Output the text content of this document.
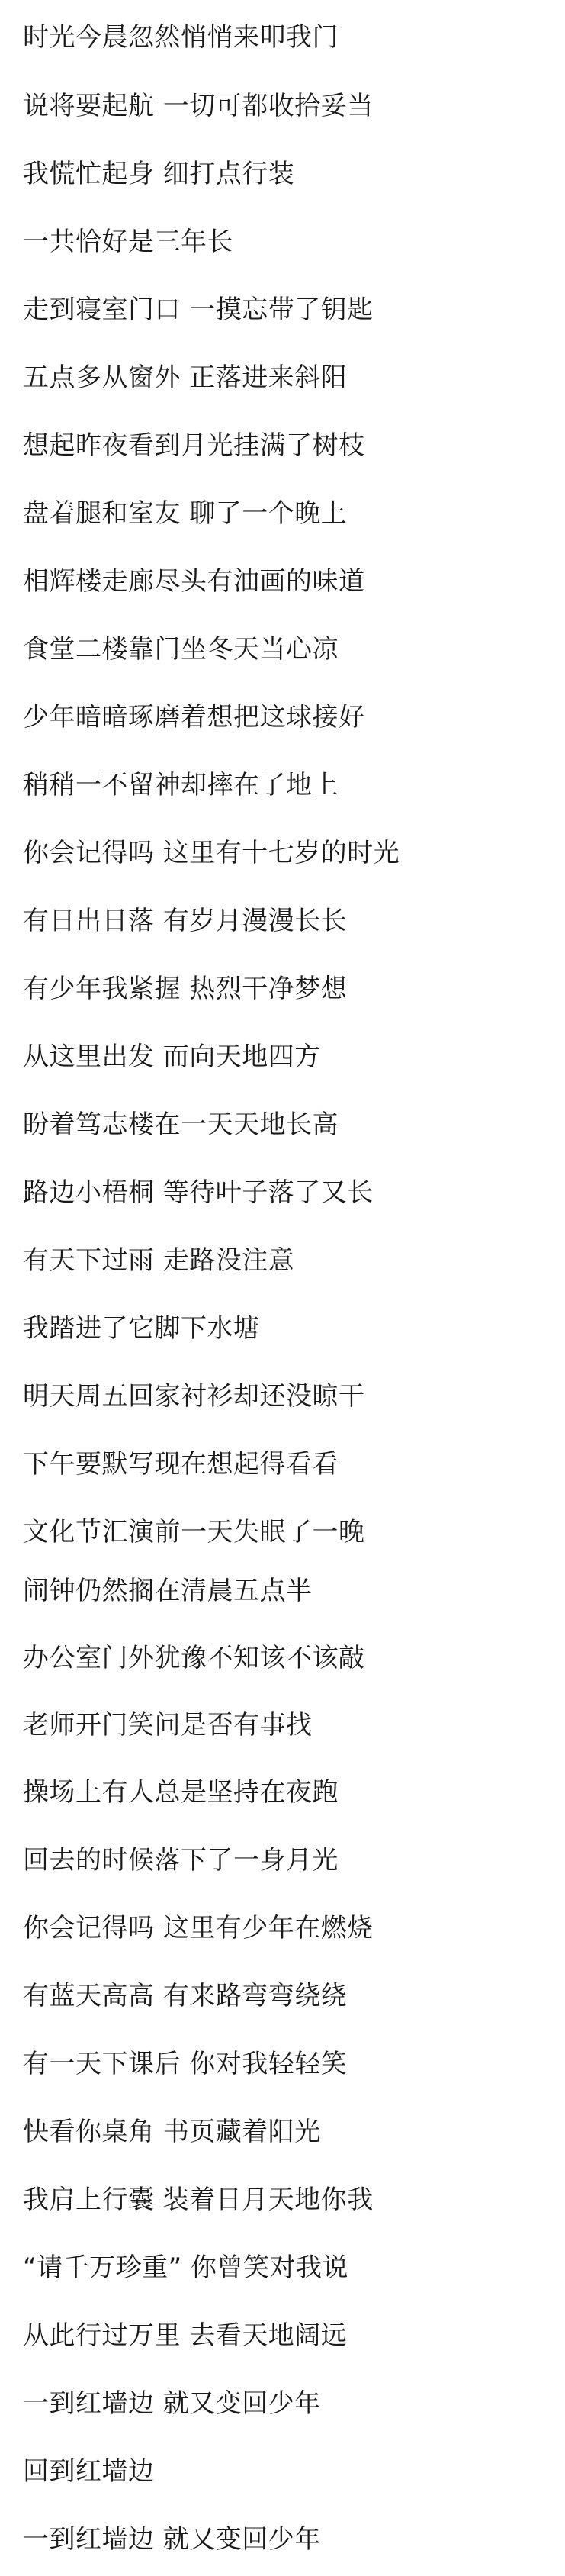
时光今晨忽然悄悄来叩我门
说将要起航 一切可都收拾妥当
我慌忙起身 细打点行装
一共恰好是三年长
走到寝室门口 一摸忘带了钥匙
五点多从窗外 正落进来斜阳
想起昨夜看到月光挂满了树枝
盘着腿和室友 聊了一个晚上
相辉楼走廊尽头有油画的味道
食堂二楼靠门坐冬天当心凉
少年暗暗琢磨着想把这球接好
稍稍一不留神却摔在了地上
你会记得吗 这里有十七岁的时光
有日出日落 有岁月漫漫长长
有少年我紧握 热烈干净梦想
从这里出发 而向天地四方
盼着笃志楼在一天天地长高
路边小梧桐 等待叶子落了又长
有天下过雨 走路没注意
我踏进了它脚下水塘
明天周五回家衬衫却还没晾干
下午要默写现在想起得看看
文化节汇演前一天失眠了一晚
闹钟仍然搁在清晨五点半
办公室门外犹豫不知该不该敲
老师开门笑问是否有事找
操场上有人总是坚持在夜跑
回去的时候落下了一身月光
你会记得吗 这里有少年在燃烧
有蓝天高高 有来路弯弯绕绕
有一天下课后 你对我轻轻笑
快看你桌角 书页藏着阳光
我肩上行囊 装着日月天地你我
“请千万珍重” 你曾笑对我说
从此行过万里 去看天地阔远
一到红墙边 就又变回少年
回到红墙边
一到红墙边 就又变回少年
